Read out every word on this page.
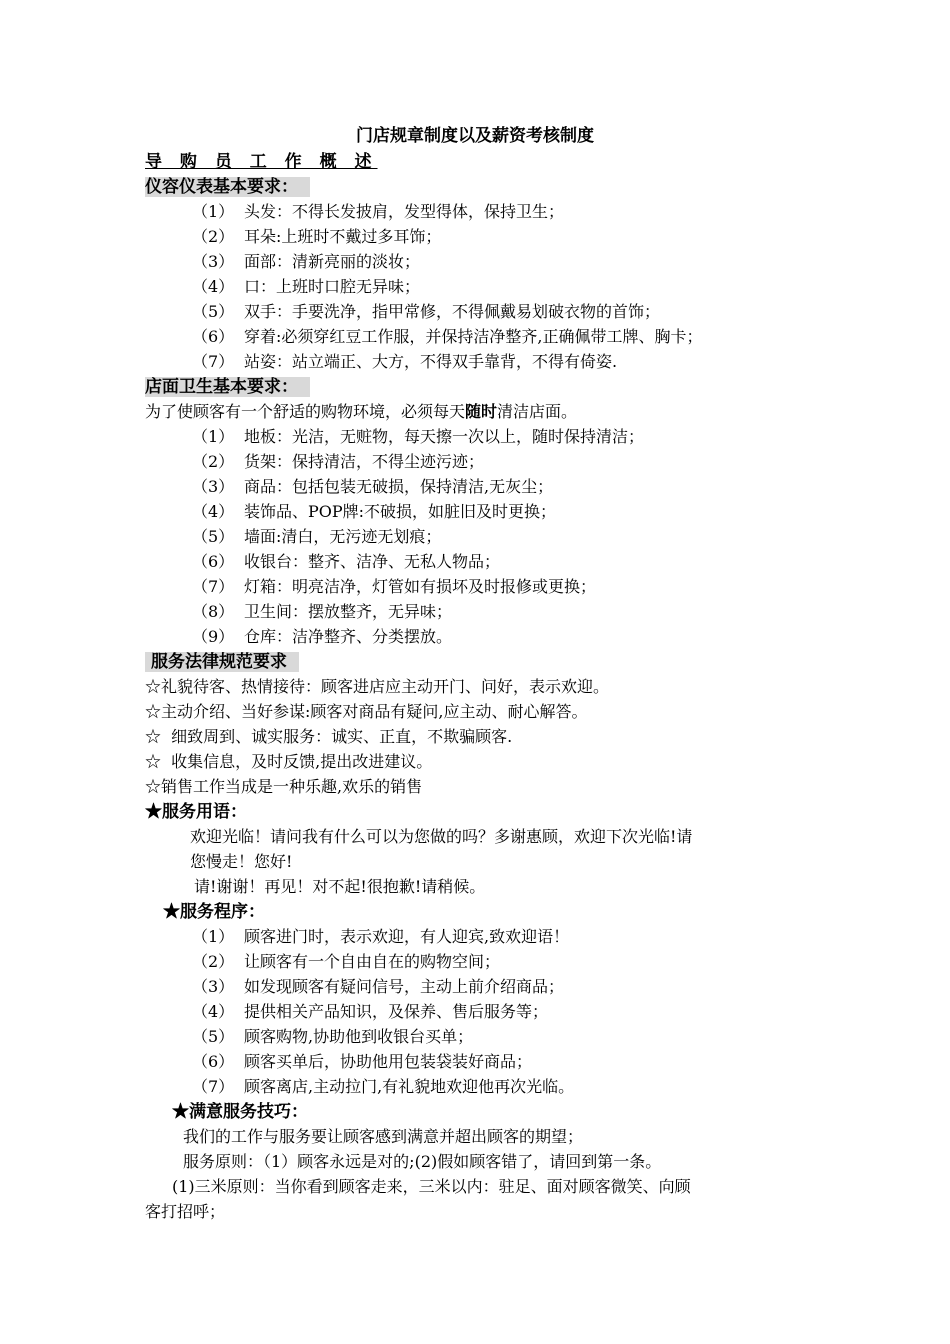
门店规章制度以及薪资考核制度
导 购 员 工 作 概 述
仪容仪表基本要求：
（1） 头发：不得长发披肩，发型得体，保持卫生；
（2） 耳朵:上班时不戴过多耳饰；
（3） 面部：清新亮丽的淡妆；
（4） 口：上班时口腔无异味；
（5） 双手：手要洗净，指甲常修，不得佩戴易划破衣物的首饰；
（6） 穿着:必须穿红豆工作服，并保持洁净整齐,正确佩带工牌、胸卡；
（7） 站姿：站立端正、大方，不得双手靠背，不得有倚姿.
店面卫生基本要求：
为了使顾客有一个舒适的购物环境，必须每天随时清洁店面。
（1） 地板：光洁，无赃物，每天擦一次以上，随时保持清洁；
（2） 货架：保持清洁，不得尘迹污迹；
（3） 商品：包括包装无破损，保持清洁,无灰尘；
（4） 装饰品、POP牌:不破损，如脏旧及时更换；
（5） 墙面:清白，无污迹无划痕；
（6） 收银台：整齐、洁净、无私人物品；
（7） 灯箱：明亮洁净，灯管如有损坏及时报修或更换；
（8） 卫生间：摆放整齐，无异味；
（9） 仓库：洁净整齐、分类摆放。
服务法律规范要求
☆礼貌待客、热情接待：顾客进店应主动开门、问好，表示欢迎。
☆主动介绍、当好参谋:顾客对商品有疑问,应主动、耐心解答。
☆  细致周到、诚实服务：诚实、正直，不欺骗顾客.
☆  收集信息，及时反馈,提出改进建议。
☆销售工作当成是一种乐趣,欢乐的销售
★服务用语：
欢迎光临！请问我有什么可以为您做的吗？多谢惠顾，欢迎下次光临!请
您慢走！您好!
请!谢谢！再见！对不起!很抱歉!请稍候。
★服务程序：
（1） 顾客进门时，表示欢迎，有人迎宾,致欢迎语！
（2） 让顾客有一个自由自在的购物空间；
（3） 如发现顾客有疑问信号，主动上前介绍商品；
（4） 提供相关产品知识，及保养、售后服务等；
（5） 顾客购物,协助他到收银台买单；
（6） 顾客买单后，协助他用包装袋装好商品；
（7） 顾客离店,主动拉门,有礼貌地欢迎他再次光临。
★满意服务技巧：
我们的工作与服务要让顾客感到满意并超出顾客的期望；
服务原则：（1）顾客永远是对的;(2)假如顾客错了，请回到第一条。
(1)三米原则：当你看到顾客走来，三米以内：驻足、面对顾客微笑、向顾
客打招呼；
